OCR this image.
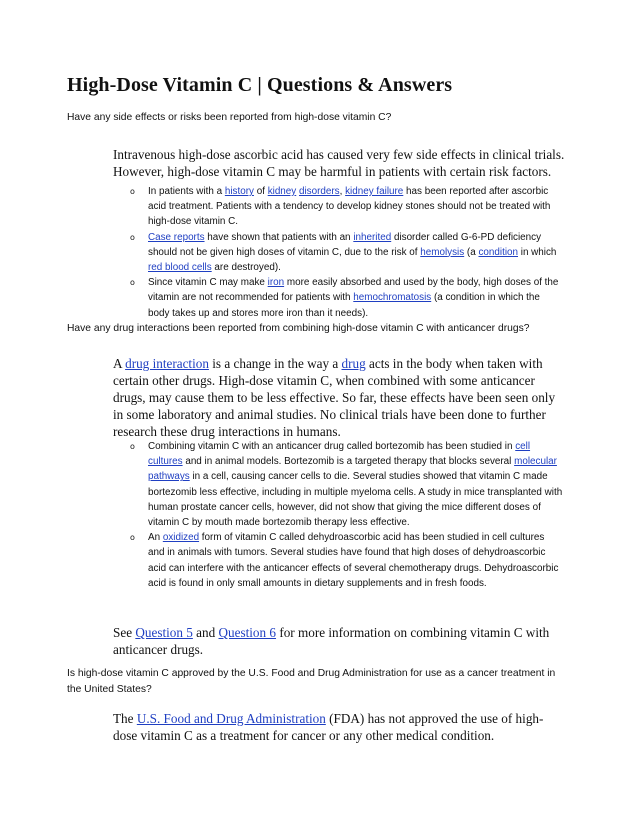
High-Dose Vitamin C | Questions & Answers

Have any side effects or risks been reported from high-dose vitamin C?

Intravenous high-dose ascorbic acid has caused very few side effects in clinical trials. However, high-dose vitamin C may be harmful in patients with certain risk factors.

o In patients with a history of kidney disorders, kidney failure has been reported after ascorbic acid treatment. Patients with a tendency to develop kidney stones should not be treated with high-dose vitamin C.
o Case reports have shown that patients with an inherited disorder called G-6-PD deficiency should not be given high doses of vitamin C, due to the risk of hemolysis (a condition in which red blood cells are destroyed).
o Since vitamin C may make iron more easily absorbed and used by the body, high doses of the vitamin are not recommended for patients with hemochromatosis (a condition in which the body takes up and stores more iron than it needs).

Have any drug interactions been reported from combining high-dose vitamin C with anticancer drugs?

A drug interaction is a change in the way a drug acts in the body when taken with certain other drugs. High-dose vitamin C, when combined with some anticancer drugs, may cause them to be less effective. So far, these effects have been seen only in some laboratory and animal studies. No clinical trials have been done to further research these drug interactions in humans.

o Combining vitamin C with an anticancer drug called bortezomib has been studied in cell cultures and in animal models. Bortezomib is a targeted therapy that blocks several molecular pathways in a cell, causing cancer cells to die. Several studies showed that vitamin C made bortezomib less effective, including in multiple myeloma cells. A study in mice transplanted with human prostate cancer cells, however, did not show that giving the mice different doses of vitamin C by mouth made bortezomib therapy less effective.
o An oxidized form of vitamin C called dehydroascorbic acid has been studied in cell cultures and in animals with tumors. Several studies have found that high doses of dehydroascorbic acid can interfere with the anticancer effects of several chemotherapy drugs. Dehydroascorbic acid is found in only small amounts in dietary supplements and in fresh foods.

See Question 5 and Question 6 for more information on combining vitamin C with anticancer drugs.

Is high-dose vitamin C approved by the U.S. Food and Drug Administration for use as a cancer treatment in the United States?

The U.S. Food and Drug Administration (FDA) has not approved the use of high-dose vitamin C as a treatment for cancer or any other medical condition.
